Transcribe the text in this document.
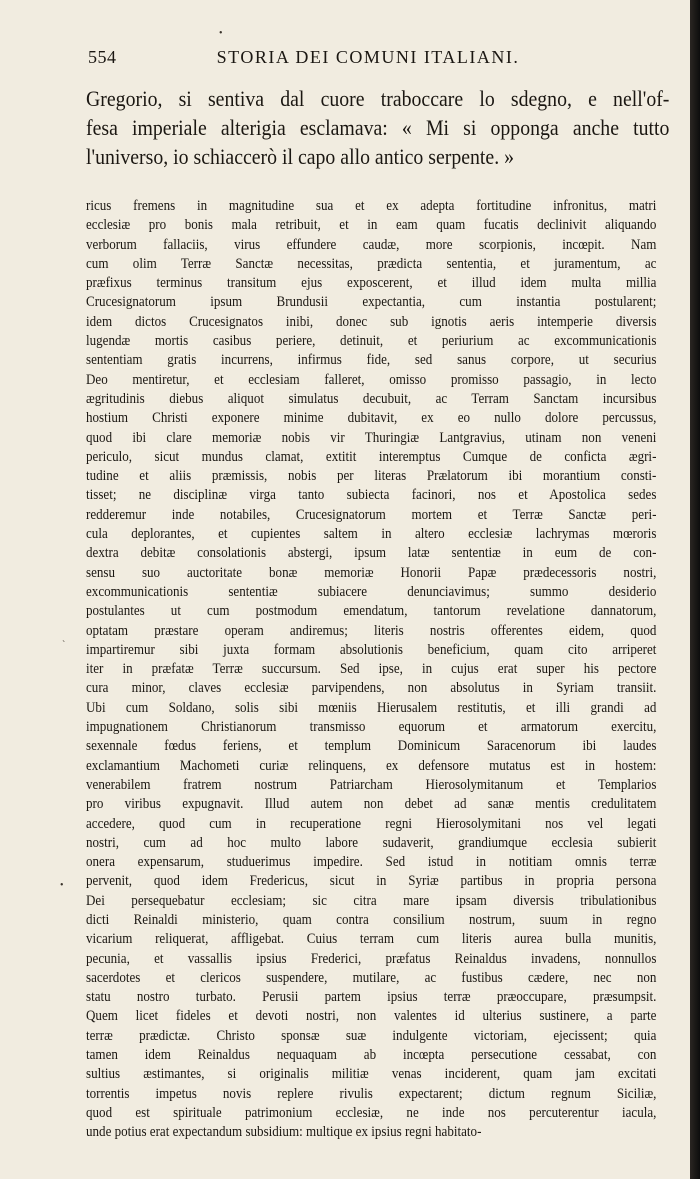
554	STORIA DEI COMUNI ITALIANI.
Gregorio, si sentiva dal cuore traboccare lo sdegno, e nell'of-
fesa imperiale alterigia esclamava: « Mi si opponga anche tutto
l'universo, io schiaccerò il capo allo antico serpente. »
ricus fremens in magnitudine sua et ex adepta fortitudine infronitus, matri
ecclesiæ pro bonis mala retribuit, et in eam quam fucatis declinivit aliquando
verborum fallaciis, virus effundere caudæ, more scorpionis, incœpit. Nam
cum olim Terræ Sanctæ necessitas, prædicta sententia, et juramentum, ac
præfixus terminus transitum ejus exposcerent, et illud idem multa millia
Crucesignatorum ipsum Brundusii expectantia, cum instantia postularent;
idem dictos Crucesignatos inibi, donec sub ignotis aeris intemperie diversis
lugendæ mortis casibus periere, detinuit, et periurium ac excommunicationis
sententiam gratis incurrens, infirmus fide, sed sanus corpore, ut securius
Deo mentiretur, et ecclesiam falleret, omisso promisso passagio, in lecto
ægritudinis diebus aliquot simulatus decubuit, ac Terram Sanctam incursibus
hostium Christi exponere minime dubitavit, ex eo nullo dolore percussus,
quod ibi clare memoriæ nobis vir Thuringiæ Lantgravius, utinam non veneni
periculo, sicut mundus clamat, extitit interemptus Cumque de conficta ægri-
tudine et aliis præmissis, nobis per literas Prælatorum ibi morantium consti-
tisset; ne disciplinæ virga tanto subiecta facinori, nos et Apostolica sedes
redderemur inde notabiles, Crucesignatorum mortem et Terræ Sanctæ peri-
cula deplorantes, et cupientes saltem in altero ecclesiæ lachrymas mœroris
dextra debitæ consolationis abstergi, ipsum latæ sententiæ in eum de con-
sensu suo auctoritate bonæ memoriæ Honorii Papæ prædecessoris nostri,
excommunicationis sententiæ subiacere denunciavimus; summo desiderio
postulantes ut cum postmodum emendatum, tantorum revelatione dannatorum,
optatam præstare operam andiremus; literis nostris offerentes eidem, quod
impartiremur sibi juxta formam absolutionis beneficium, quam cito arriperet
iter in præfatæ Terræ succursum. Sed ipse, in cujus erat super his pectore
cura minor, claves ecclesiæ parvipendens, non absolutus in Syriam transiit.
Ubi cum Soldano, solis sibi mœniis Hierusalem restitutis, et illi grandi ad
impugnationem Christianorum transmisso equorum et armatorum exercitu,
sexennale fœdus feriens, et templum Dominicum Saracenorum ibi laudes
exclamantium Machometi curiæ relinquens, ex defensore mutatus est in hostem:
venerabilem fratrem nostrum Patriarcham Hierosolymitanum et Templarios
pro viribus expugnavit. Illud autem non debet ad sanæ mentis credulitatem
accedere, quod cum in recuperatione regni Hierosolymitani nos vel legati
nostri, cum ad hoc multo labore sudaverit, grandiumque ecclesia subierit
onera expensarum, studuerimus impedire. Sed istud in notitiam omnis terræ
pervenit, quod idem Fredericus, sicut in Syriæ partibus in propria persona
Dei persequebatur ecclesiam; sic citra mare ipsam diversis tribulationibus
dicti Reinaldi ministerio, quam contra consilium nostrum, suum in regno
vicarium reliquerat, affligebat. Cuius terram cum literis aurea bulla munitis,
pecunia, et vassallis ipsius Frederici, præfatus Reinaldus invadens, nonnullos
sacerdotes et clericos suspendere, mutilare, ac fustibus cædere, nec non
statu nostro turbato. Perusii partem ipsius terræ præoccupare, præsumpsit.
Quem licet fideles et devoti nostri, non valentes id ulterius sustinere, a parte
terræ prædictæ. Christo sponsæ suæ indulgente victoriam, ejecissent; quia
tamen idem Reinaldus nequaquam ab incœpta persecutione cessabat, con
sultius æstimantes, si originalis militiæ venas inciderent, quam jam excitati
torrentis impetus novis replere rivulis expectarent; dictum regnum Siciliæ,
quod est spirituale patrimonium ecclesiæ, ne inde nos percuterentur iacula,
unde potius erat expectandum subsidium: multique ex ipsius regni habitato-
•
•
ˋ
